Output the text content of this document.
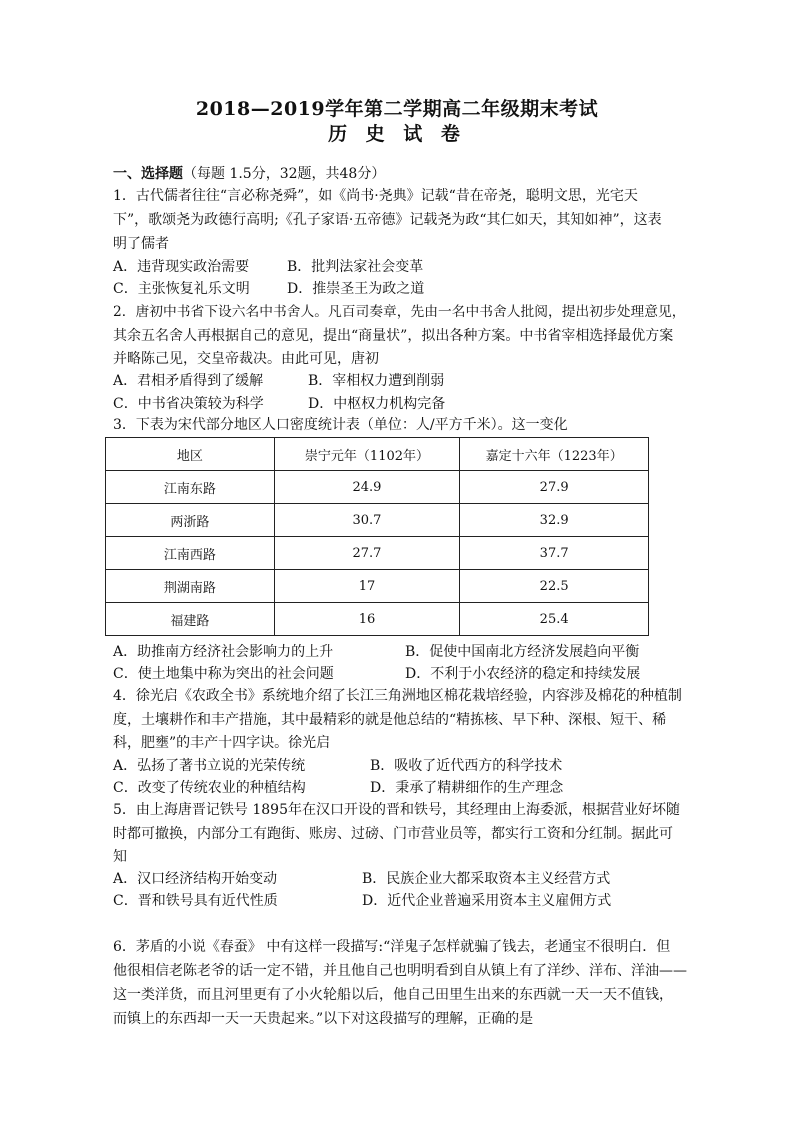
2018—2019学年第二学期高二年级期末考试
历 史 试 卷
一、选择题（每题 1.5分，32题，共48分）
1．古代儒者往往“言必称尧舜”，如《尚书·尧典》记载“昔在帝尧，聪明文思，光宅天
下”，歌颂尧为政德行高明;《孔子家语·五帝德》记载尧为政“其仁如天，其知如神”，这表
明了儒者
A．违背现实政治需要	B．批判法家社会变革
C．主张恢复礼乐文明	D．推崇圣王为政之道
2．唐初中书省下设六名中书舍人。凡百司奏章，先由一名中书舍人批阅，提出初步处理意见，
其余五名舍人再根据自己的意见，提出“商量状”，拟出各种方案。中书省宰相选择最优方案
并略陈己见，交皇帝裁决。由此可见，唐初
A．君相矛盾得到了缓解	B．宰相权力遭到削弱
C．中书省决策较为科学	D．中枢权力机构完备
3．下表为宋代部分地区人口密度统计表（单位：人/平方千米）。这一变化
地区	崇宁元年（1102年）	嘉定十六年（1223年）
江南东路	24.9	27.9
两浙路	30.7	32.9
江南西路	27.7	37.7
荆湖南路	17	22.5
福建路	16	25.4
A．助推南方经济社会影响力的上升	B．促使中国南北方经济发展趋向平衡
C．使土地集中称为突出的社会问题	D．不利于小农经济的稳定和持续发展
4．徐光启《农政全书》系统地介绍了长江三角洲地区棉花栽培经验，内容涉及棉花的种植制
度，土壤耕作和丰产措施，其中最精彩的就是他总结的“精拣核、早下种、深根、短干、稀
科，肥壅”的丰产十四字诀。徐光启
A．弘扬了著书立说的光荣传统	B．吸收了近代西方的科学技术
C．改变了传统农业的种植结构	D．秉承了精耕细作的生产理念
5．由上海唐晋记铁号 1895年在汉口开设的晋和铁号，其经理由上海委派，根据营业好坏随
时都可撤换，内部分工有跑街、账房、过磅、门市营业员等，都实行工资和分红制。据此可
知
A．汉口经济结构开始变动	B．民族企业大都采取资本主义经营方式
C．晋和铁号具有近代性质	D．近代企业普遍采用资本主义雇佣方式
6．茅盾的小说《春蚕》 中有这样一段描写:“洋鬼子怎样就骗了钱去，老通宝不很明白．但
他很相信老陈老爷的话一定不错，并且他自己也明明看到自从镇上有了洋纱、洋布、洋油——
这一类洋货，而且河里更有了小火轮船以后，他自己田里生出来的东西就一天一天不值钱，
而镇上的东西却一天一天贵起来。”以下对这段描写的理解，正确的是
